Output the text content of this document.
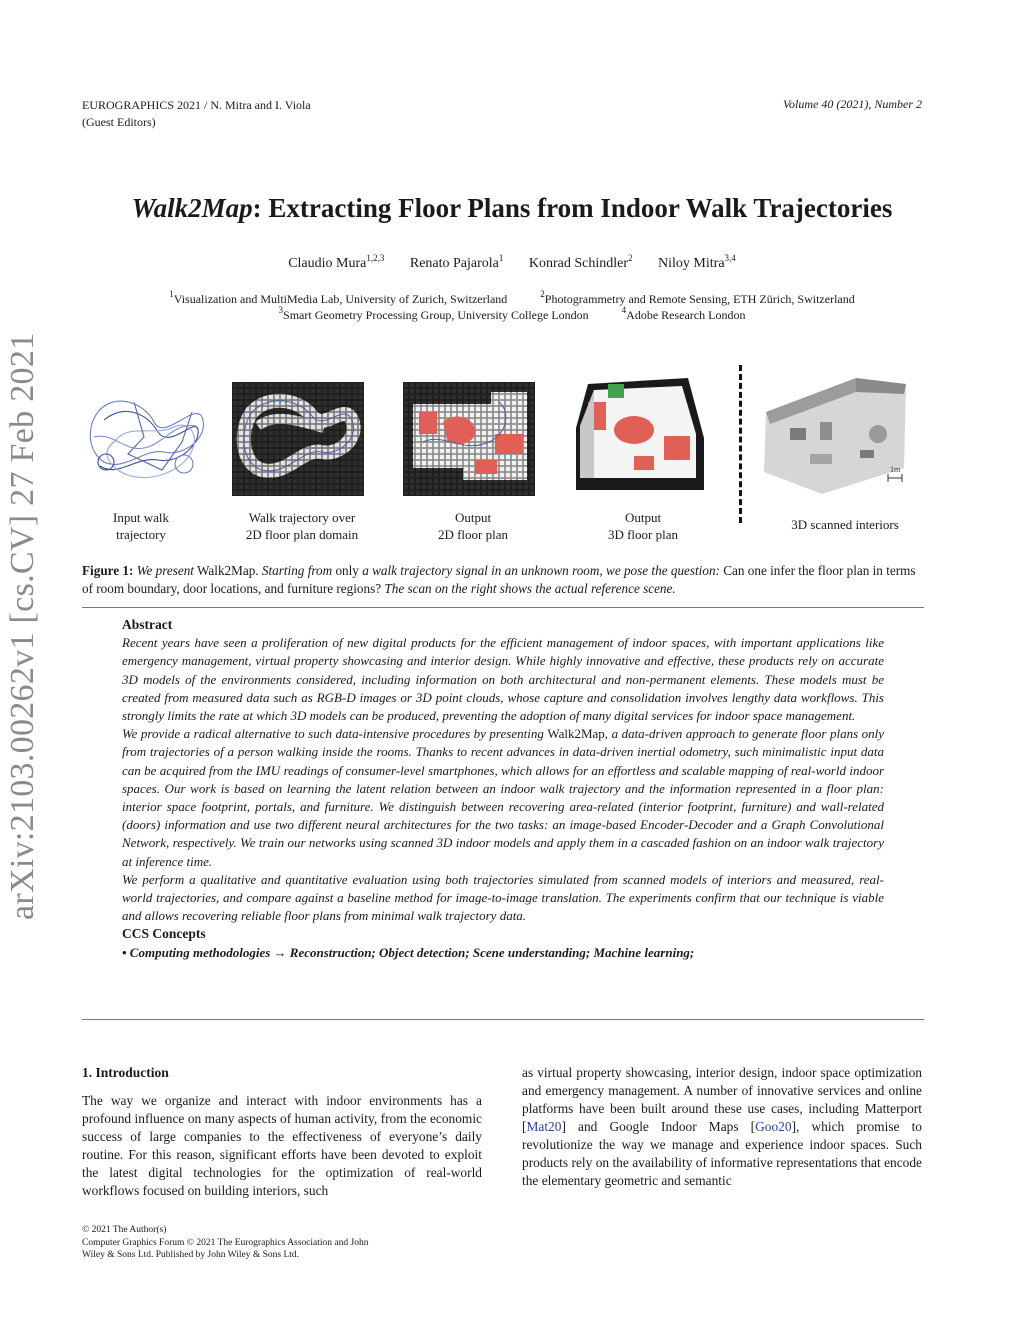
EUROGRAPHICS 2021 / N. Mitra and I. Viola
(Guest Editors)
Volume 40 (2021), Number 2
Walk2Map: Extracting Floor Plans from Indoor Walk Trajectories
Claudio Mura$^{1,2,3}$ Renato Pajarola$^1$ Konrad Schindler$^2$ Niloy Mitra$^{3,4}$
$^1$Visualization and MultiMedia Lab, University of Zurich, Switzerland	$^2$Photogrammetry and Remote Sensing, ETH Zürich, Switzerland
$^3$Smart Geometry Processing Group, University College London	$^4$Adobe Research London
arXiv:2103.00262v1 [cs.CV] 27 Feb 2021	1m
Input walk
trajectory
Walk trajectory over
2D floor plan domain
Output
2D floor plan
Output
3D floor plan
3D scanned interiors
Figure 1: We present Walk2Map. Starting from only a walk trajectory signal in an unknown room, we pose the question: Can one infer the floor plan in terms of room boundary, door locations, and furniture regions? The scan on the right shows the actual reference scene.
Abstract

Recent years have seen a proliferation of new digital products for the efficient management of indoor spaces, with important applications like emergency management, virtual property showcasing and interior design. While highly innovative and effective, these products rely on accurate 3D models of the environments considered, including information on both architectural and non-permanent elements. These models must be created from measured data such as RGB-D images or 3D point clouds, whose capture and consolidation involves lengthy data workflows. This strongly limits the rate at which 3D models can be produced, preventing the adoption of many digital services for indoor space management.

We provide a radical alternative to such data-intensive procedures by presenting Walk2Map, a data-driven approach to generate floor plans only from trajectories of a person walking inside the rooms. Thanks to recent advances in data-driven inertial odometry, such minimalistic input data can be acquired from the IMU readings of consumer-level smartphones, which allows for an effortless and scalable mapping of real-world indoor spaces. Our work is based on learning the latent relation between an indoor walk trajectory and the information represented in a floor plan: interior space footprint, portals, and furniture. We distinguish between recovering area-related (interior footprint, furniture) and wall-related (doors) information and use two different neural architectures for the two tasks: an image-based Encoder-Decoder and a Graph Convolutional Network, respectively. We train our networks using scanned 3D indoor models and apply them in a cascaded fashion on an indoor walk trajectory at inference time.

We perform a qualitative and quantitative evaluation using both trajectories simulated from scanned models of interiors and measured, real-world trajectories, and compare against a baseline method for image-to-image translation. The experiments confirm that our technique is viable and allows recovering reliable floor plans from minimal walk trajectory data.

CCS Concepts
• Computing methodologies → Reconstruction; Object detection; Scene understanding; Machine learning;
1. Introduction

The way we organize and interact with indoor environments has a profound influence on many aspects of human activity, from the economic success of large companies to the effectiveness of everyone’s daily routine. For this reason, significant efforts have been devoted to exploit the latest digital technologies for the optimization of real-world workflows focused on building interiors, such

as virtual property showcasing, interior design, indoor space optimization and emergency management. A number of innovative services and online platforms have been built around these use cases, including Matterport [Mat20] and Google Indoor Maps [Goo20], which promise to revolutionize the way we manage and experience indoor spaces. Such products rely on the availability of informative representations that encode the elementary geometric and semantic

© 2021 The Author(s)
Computer Graphics Forum © 2021 The Eurographics Association and John
Wiley & Sons Ltd. Published by John Wiley & Sons Ltd.
